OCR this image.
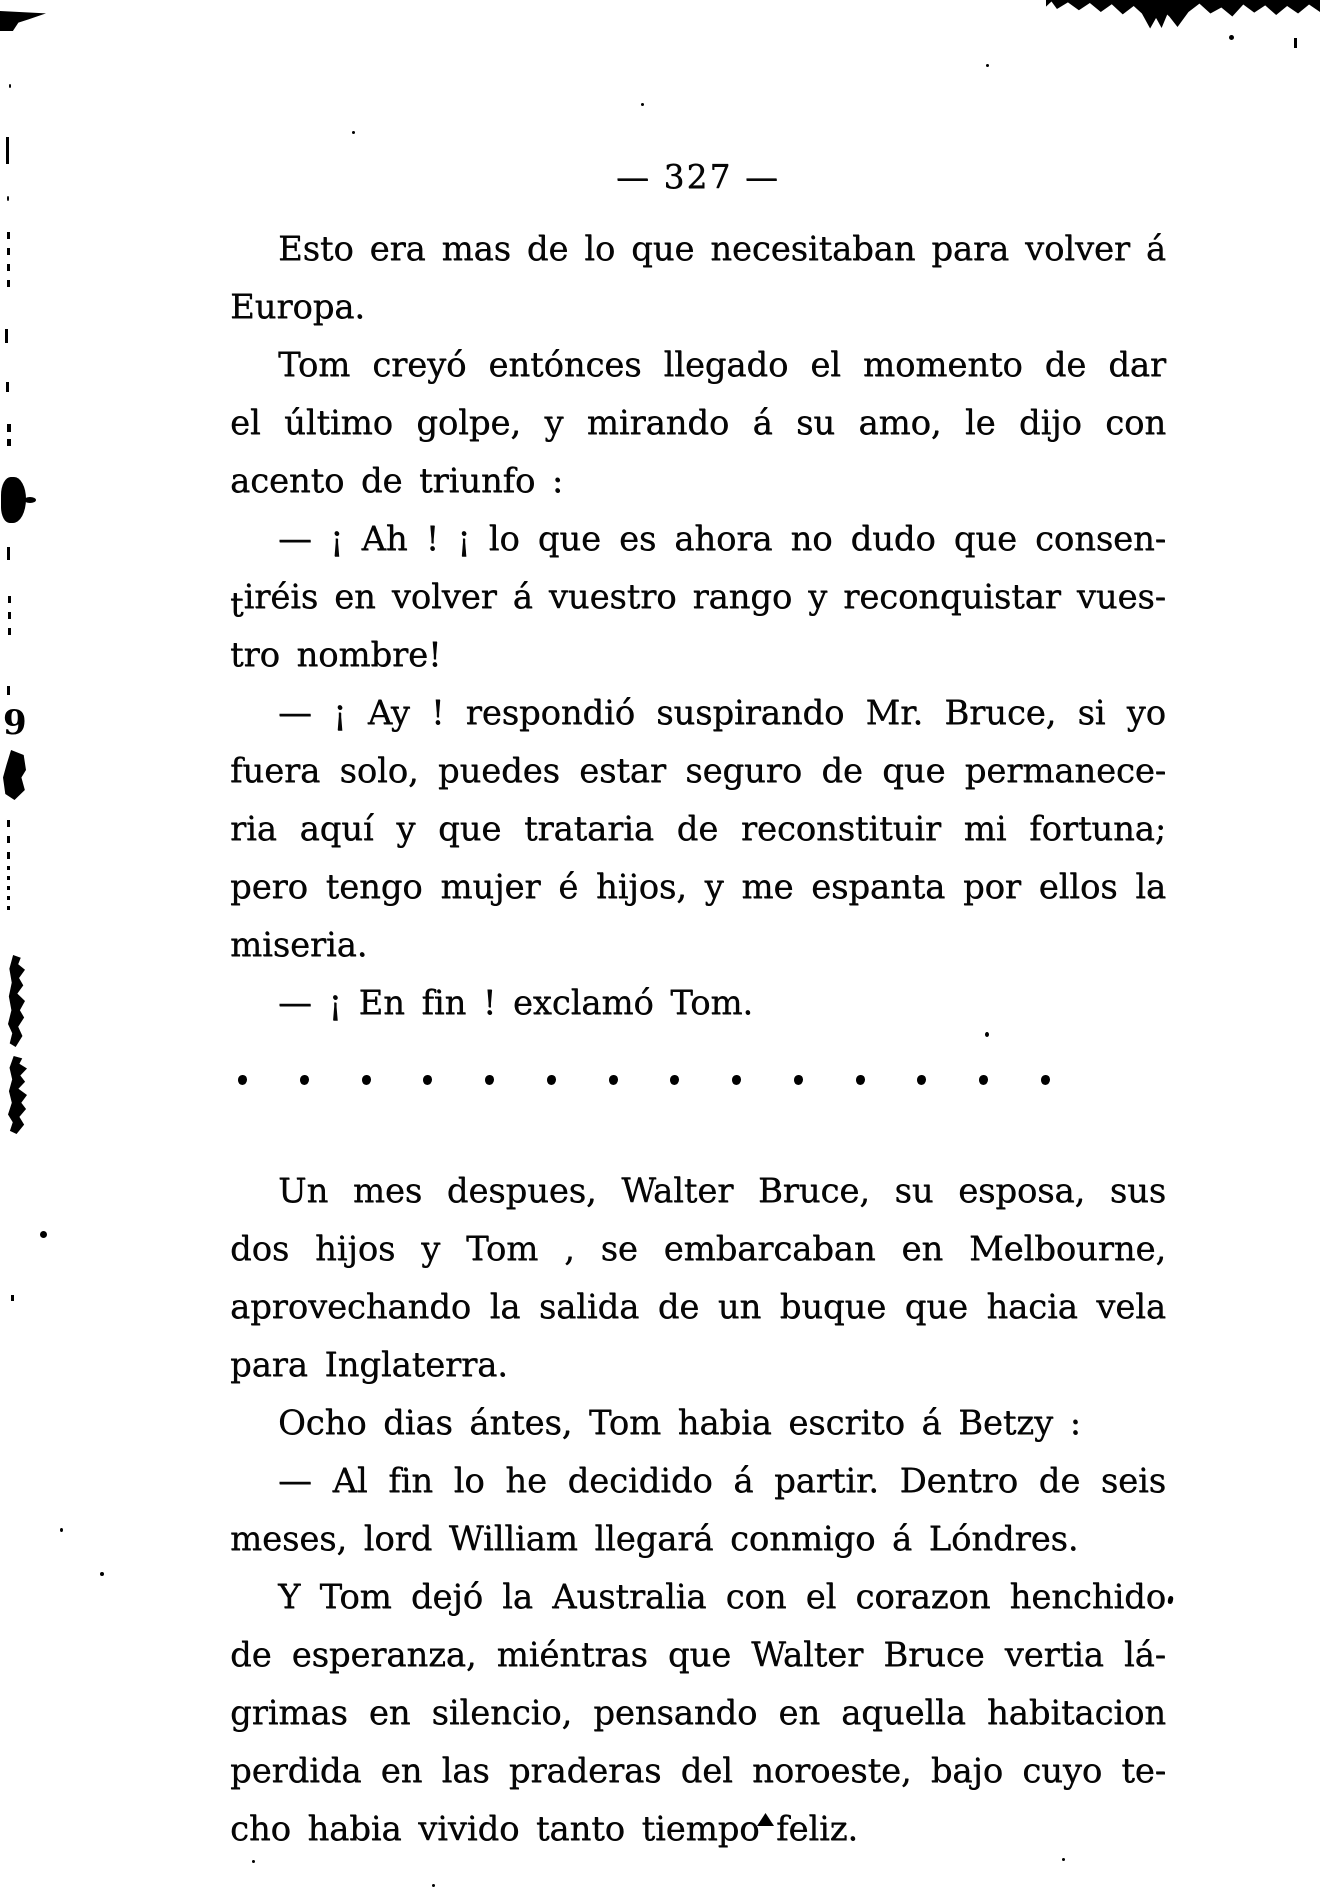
9
— 327 —
Esto era mas de lo que necesitaban para volver á
Europa.
Tom creyó entónces llegado el momento de dar
el último golpe, y mirando á su amo, le dijo con
acento de triunfo :
— ¡ Ah ! ¡ lo que es ahora no dudo que consen-
tiréis en volver á vuestro rango y reconquistar vues-
tro nombre!
— ¡ Ay ! respondió suspirando Mr. Bruce, si yo
fuera solo, puedes estar seguro de que permanece-
ria aquí y que trataria de reconstituir mi fortuna;
pero tengo mujer é hijos, y me espanta por ellos la
miseria.
— ¡ En fin ! exclamó Tom.
Un mes despues, Walter Bruce, su esposa, sus
dos hijos y Tom , se embarcaban en Melbourne,
aprovechando la salida de un buque que hacia vela
para Inglaterra.
Ocho dias ántes, Tom habia escrito á Betzy :
— Al fin lo he decidido á partir. Dentro de seis
meses, lord William llegará conmigo á Lóndres.
Y Tom dejó la Australia con el corazon henchido
de esperanza, miéntras que Walter Bruce vertia lá-
grimas en silencio, pensando en aquella habitacion
perdida en las praderas del noroeste, bajo cuyo te-
cho habia vivido tanto tiempo feliz.
